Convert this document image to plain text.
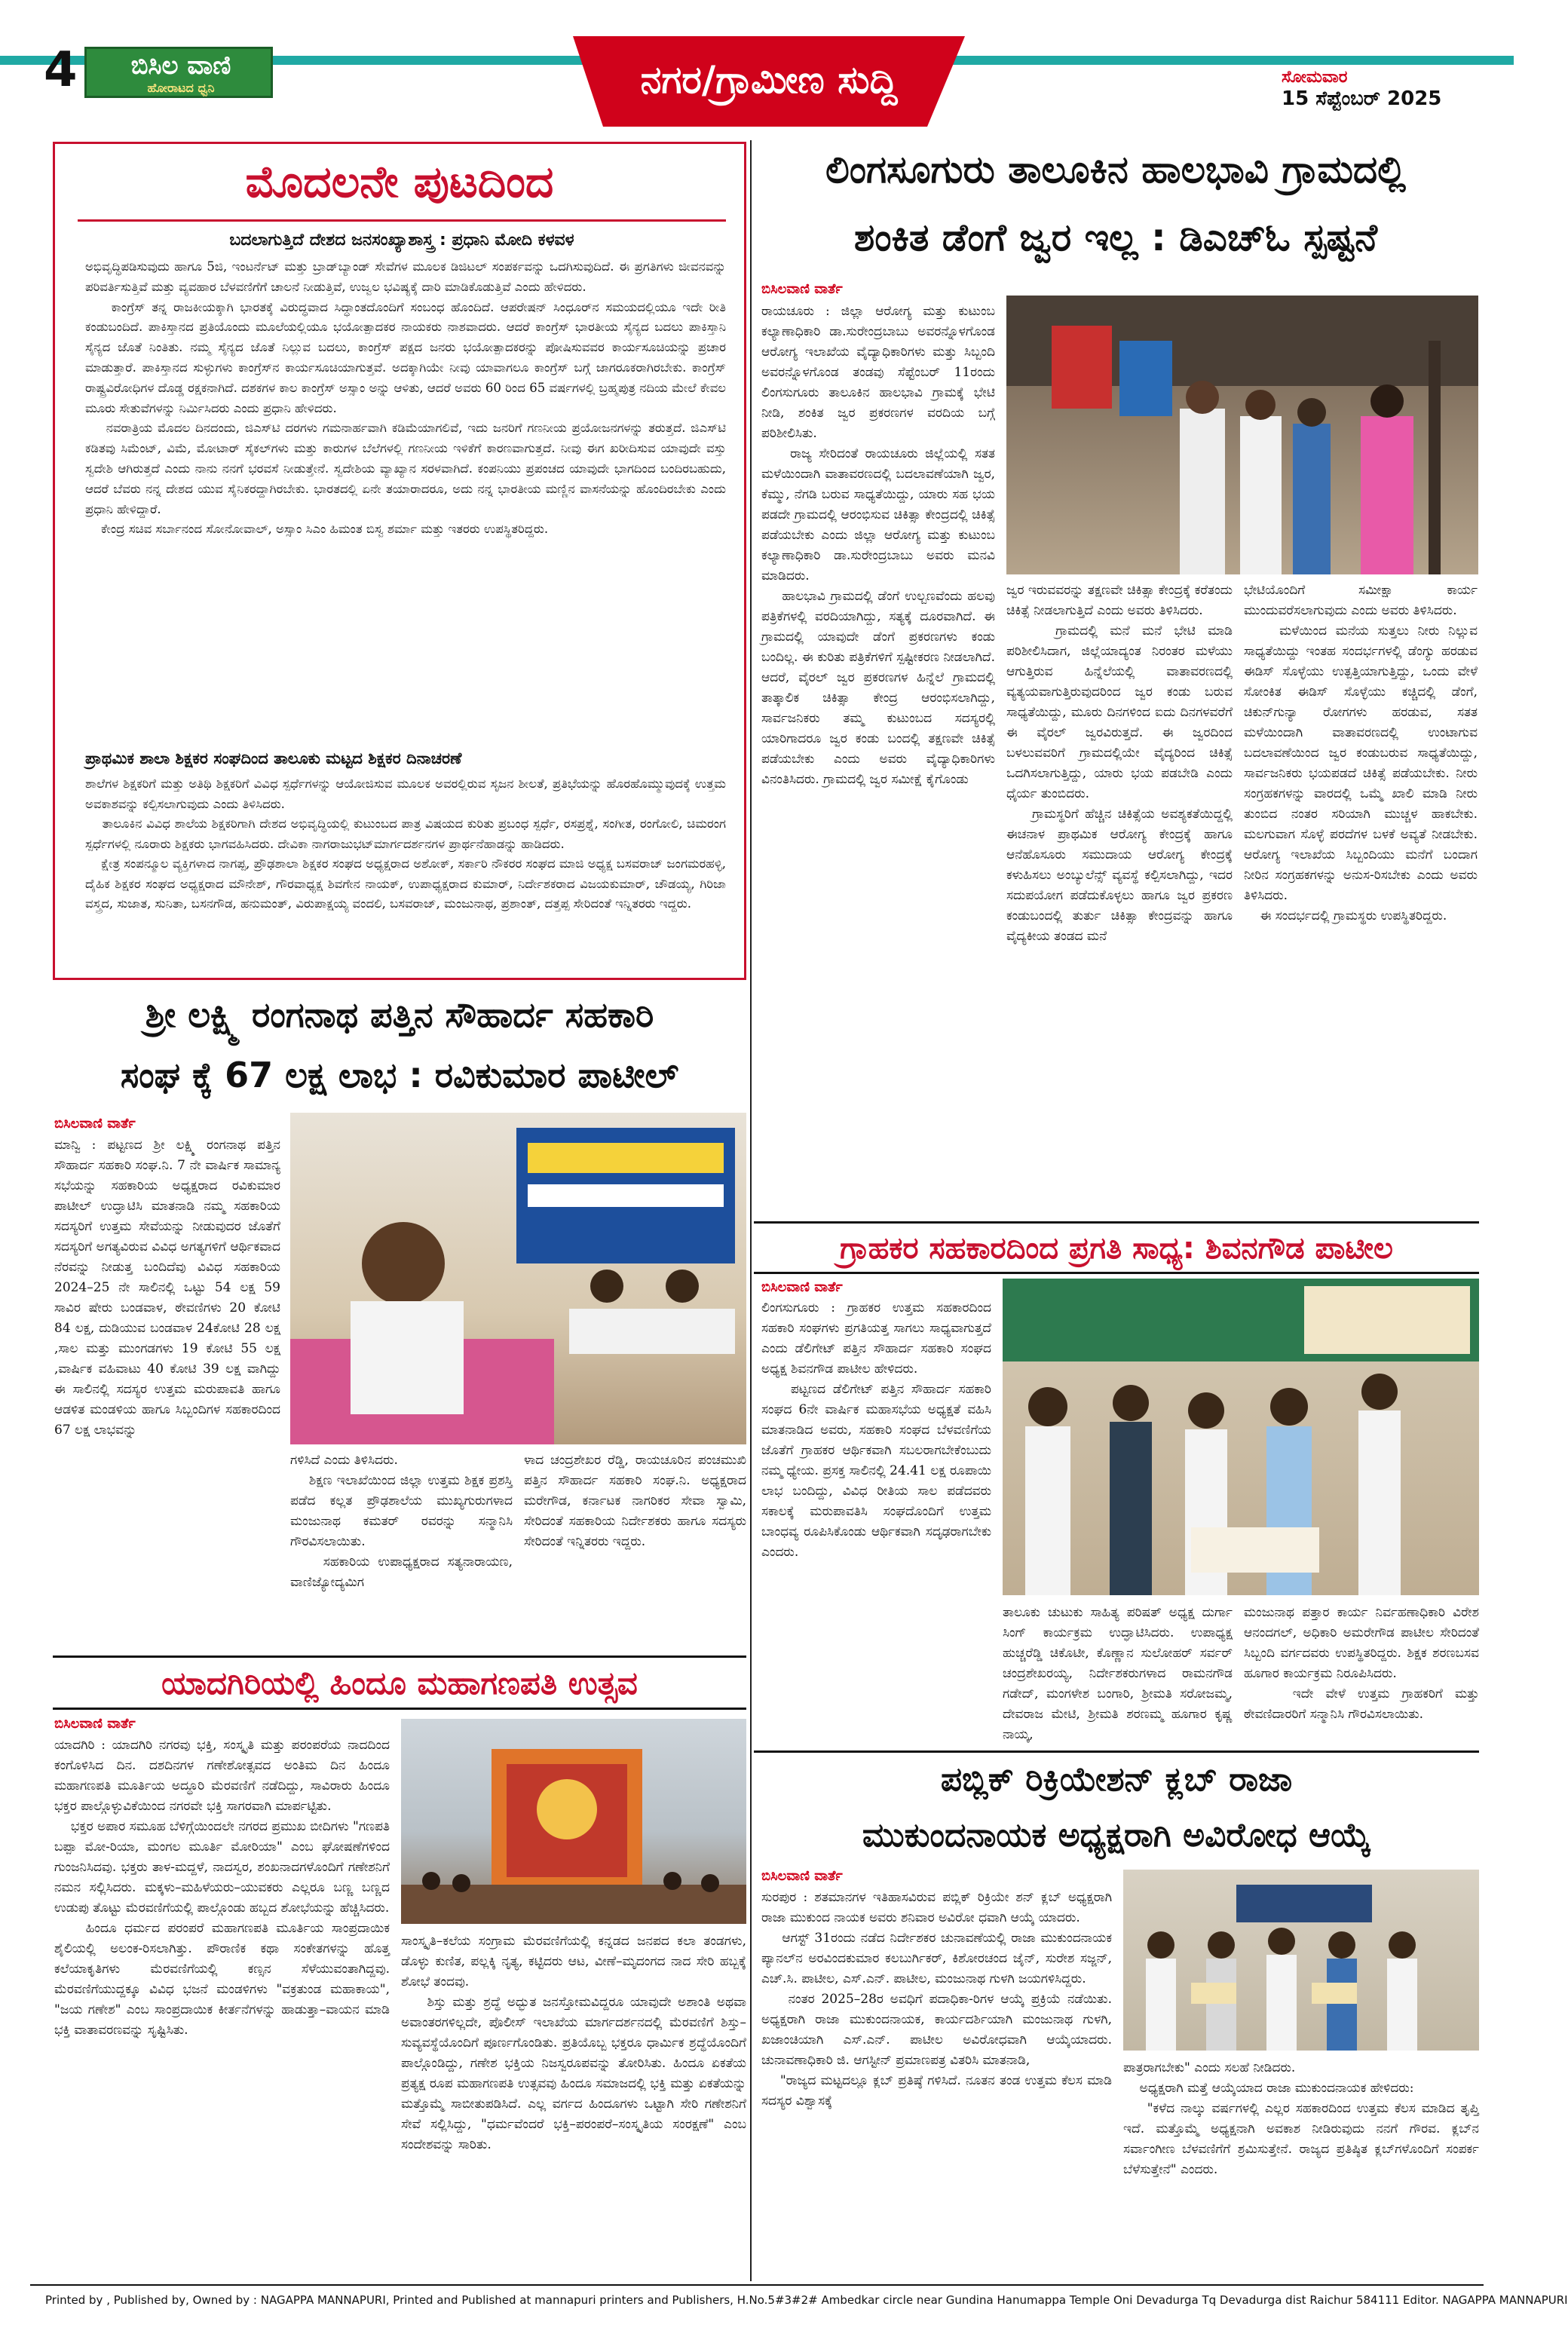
4	ಬಿಸಿಲ ವಾಣಿ
ಹೋರಾಟದ ಧ್ವನಿ	ನಗರ/ಗ್ರಾಮೀಣ ಸುದ್ದಿ	ಸೋಮವಾರ
15 ಸೆಪ್ಟೆಂಬರ್ 2025
ಮೊದಲನೇ ಪುಟದಿಂದ
ಬದಲಾಗುತ್ತಿದೆ ದೇಶದ ಜನಸಂಖ್ಯಾಶಾಸ್ತ್ರ : ಪ್ರಧಾನಿ ಮೋದಿ ಕಳವಳ
ಅಭಿವೃದ್ಧಿಪಡಿಸುವುದು ಹಾಗೂ 5ಜಿ, ಇಂಟರ್ನೆಟ್ ಮತ್ತು ಬ್ರಾಡ್‌ಬ್ಯಾಂಡ್ ಸೇವೆಗಳ ಮೂಲಕ ಡಿಜಿಟಲ್ ಸಂಪರ್ಕವನ್ನು ಒದಗಿಸುವುದಿದೆ. ಈ ಪ್ರಗತಿಗಳು ಜೀವನವನ್ನು ಪರಿವರ್ತಿಸುತ್ತಿವೆ ಮತ್ತು ವ್ಯವಹಾರ ಬೆಳವಣಿಗೆಗೆ ಚಾಲನೆ ನೀಡುತ್ತಿವೆ, ಉಜ್ವಲ ಭವಿಷ್ಯಕ್ಕೆ ದಾರಿ ಮಾಡಿಕೊಡುತ್ತಿವೆ ಎಂದು ಹೇಳಿದರು.
ಕಾಂಗ್ರೆಸ್ ತನ್ನ ರಾಜಕೀಯಕ್ಕಾಗಿ ಭಾರತಕ್ಕೆ ವಿರುದ್ಧವಾದ ಸಿದ್ಧಾಂತದೊಂದಿಗೆ ಸಂಬಂಧ ಹೊಂದಿದೆ. ಆಪರೇಷನ್ ಸಿಂಧೂರ್‌ನ ಸಮಯದಲ್ಲಿಯೂ ಇದೇ ರೀತಿ ಕಂಡುಬಂದಿದೆ. ಪಾಕಿಸ್ತಾನದ ಪ್ರತಿಯೊಂದು ಮೂಲೆಯಲ್ಲಿಯೂ ಭಯೋತ್ಪಾದಕರ ನಾಯಕರು ನಾಶವಾದರು. ಆದರೆ ಕಾಂಗ್ರೆಸ್ ಭಾರತೀಯ ಸೈನ್ಯದ ಬದಲು ಪಾಕಿಸ್ತಾನಿ ಸೈನ್ಯದ ಜೊತೆ ನಿಂತಿತು. ನಮ್ಮ ಸೈನ್ಯದ ಜೊತೆ ನಿಲ್ಲುವ ಬದಲು, ಕಾಂಗ್ರೆಸ್ ಪಕ್ಷದ ಜನರು ಭಯೋತ್ಪಾದಕರನ್ನು ಪೋಷಿಸುವವರ ಕಾರ್ಯಸೂಚಿಯನ್ನು ಪ್ರಚಾರ ಮಾಡುತ್ತಾರೆ. ಪಾಕಿಸ್ತಾನದ ಸುಳ್ಳುಗಳು ಕಾಂಗ್ರೆಸ್‌ನ ಕಾರ್ಯಸೂಚಿಯಾಗುತ್ತವೆ. ಅದಕ್ಕಾಗಿಯೇ ನೀವು ಯಾವಾಗಲೂ ಕಾಂಗ್ರೆಸ್ ಬಗ್ಗೆ ಜಾಗರೂಕರಾಗಿರಬೇಕು. ಕಾಂಗ್ರೆಸ್ ರಾಷ್ಟ್ರವಿರೋಧಿಗಳ ದೊಡ್ಡ ರಕ್ಷಕನಾಗಿದೆ. ದಶಕಗಳ ಕಾಲ ಕಾಂಗ್ರೆಸ್ ಅಸ್ಸಾಂ ಅನ್ನು ಆಳಿತು, ಆದರೆ ಅವರು 60 ರಿಂದ 65 ವರ್ಷಗಳಲ್ಲಿ ಬ್ರಹ್ಮಪುತ್ರ ನದಿಯ ಮೇಲೆ ಕೇವಲ ಮೂರು ಸೇತುವೆಗಳನ್ನು ನಿರ್ಮಿಸಿದರು ಎಂದು ಪ್ರಧಾನಿ ಹೇಳಿದರು.
ನವರಾತ್ರಿಯ ಮೊದಲ ದಿನದಂದು, ಜಿಎಸ್‌ಟಿ ದರಗಳು ಗಮನಾರ್ಹವಾಗಿ ಕಡಿಮೆಯಾಗಲಿವೆ, ಇದು ಜನರಿಗೆ ಗಣನೀಯ ಪ್ರಯೋಜನಗಳನ್ನು ತರುತ್ತದೆ. ಜಿಎಸ್‌ಟಿ ಕಡಿತವು ಸಿಮೆಂಟ್, ವಿಮೆ, ಮೋಟಾರ್ ಸೈಕಲ್‌ಗಳು ಮತ್ತು ಕಾರುಗಳ ಬೆಲೆಗಳಲ್ಲಿ ಗಣನೀಯ ಇಳಿಕೆಗೆ ಕಾರಣವಾಗುತ್ತದೆ. ನೀವು ಈಗ ಖರೀದಿಸುವ ಯಾವುದೇ ವಸ್ತು ಸ್ವದೇಶಿ ಆಗಿರುತ್ತದೆ ಎಂದು ನಾನು ನನಗೆ ಭರವಸೆ ನೀಡುತ್ತೇನೆ. ಸ್ವದೇಶಿಯ ವ್ಯಾಖ್ಯಾನ ಸರಳವಾಗಿದೆ. ಕಂಪನಿಯು ಪ್ರಪಂಚದ ಯಾವುದೇ ಭಾಗದಿಂದ ಬಂದಿರಬಹುದು, ಆದರೆ ಬೆವರು ನನ್ನ ದೇಶದ ಯುವ ಸೈನಿಕರದ್ದಾಗಿರಬೇಕು. ಭಾರತದಲ್ಲಿ ಏನೇ ತಯಾರಾದರೂ, ಅದು ನನ್ನ ಭಾರತೀಯ ಮಣ್ಣಿನ ವಾಸನೆಯನ್ನು ಹೊಂದಿರಬೇಕು ಎಂದು ಪ್ರಧಾನಿ ಹೇಳಿದ್ದಾರೆ.
ಕೇಂದ್ರ ಸಚಿವ ಸರ್ಬಾನಂದ ಸೋನೋವಾಲ್, ಅಸ್ಸಾಂ ಸಿಎಂ ಹಿಮಂತ ಬಿಸ್ವ ಶರ್ಮಾ ಮತ್ತು ಇತರರು ಉಪಸ್ಥಿತರಿದ್ದರು.
ಪ್ರಾಥಮಿಕ ಶಾಲಾ ಶಿಕ್ಷಕರ ಸಂಘದಿಂದ ತಾಲೂಕು ಮಟ್ಟದ ಶಿಕ್ಷಕರ ದಿನಾಚರಣೆ
ಶಾಲೆಗಳ ಶಿಕ್ಷಕರಿಗೆ ಮತ್ತು ಅತಿಥಿ ಶಿಕ್ಷಕರಿಗೆ ವಿವಿಧ ಸ್ಪರ್ಧೆಗಳನ್ನು ಆಯೋಜಿಸುವ ಮೂಲಕ ಅವರಲ್ಲಿರುವ ಸೃಜನ ಶೀಲತೆ, ಪ್ರತಿಭೆಯನ್ನು ಹೊರಹೊಮ್ಮುವುದಕ್ಕೆ ಉತ್ತಮ ಅವಕಾಶವನ್ನು ಕಲ್ಪಿಸಲಾಗುವುದು ಎಂದು ತಿಳಿಸಿದರು.
ತಾಲೂಕಿನ ವಿವಿಧ ಶಾಲೆಯ ಶಿಕ್ಷಕರಿಗಾಗಿ ದೇಶದ ಅಭಿವೃದ್ಧಿಯಲ್ಲಿ ಕುಟುಂಬದ ಪಾತ್ರ ವಿಷಯದ ಕುರಿತು ಪ್ರಬಂಧ ಸ್ಪರ್ಧೆ, ರಸಪ್ರಶ್ನೆ, ಸಂಗೀತ, ರಂಗೋಲಿ, ಚಿಮರಂಗ ಸ್ಪರ್ಧೆಗಳಲ್ಲಿ ನೂರಾರು ಶಿಕ್ಷಕರು ಭಾಗವಹಿಸಿದರು. ದೇವಿಕಾ ನಾಗರಾಜುಭಟ್‌ಮಾರ್ಗದರ್ಶನಗಳ ಪ್ರಾರ್ಥನೆಹಾಡನ್ನು ಹಾಡಿದರು.
ಕ್ಷೇತ್ರ ಸಂಪನ್ಮೂಲ ವ್ಯಕ್ತಿಗಳಾದ ನಾಗಪ್ಪ, ಪ್ರೌಢಶಾಲಾ ಶಿಕ್ಷಕರ ಸಂಘದ ಅಧ್ಯಕ್ಷರಾದ ಅಶೋಕ್, ಸರ್ಕಾರಿ ನೌಕರರ ಸಂಘದ ಮಾಜಿ ಅಧ್ಯಕ್ಷ ಬಸವರಾಜ್ ಜಂಗಮರಹಳ್ಳಿ, ದೈಹಿಕ ಶಿಕ್ಷಕರ ಸಂಘದ ಅಧ್ಯಕ್ಷರಾದ ಮೌನೇಶ್, ಗೌರವಾಧ್ಯಕ್ಷ ಶಿವಗೇನ ನಾಯಕ್, ಉಪಾಧ್ಯಕ್ಷರಾದ ಕುಮಾರ್, ನಿರ್ದೇಶಕರಾದ ವಿಜಯಕುಮಾರ್, ಚೌಡಯ್ಯ, ಗಿರಿಜಾ ವಸ್ತ್ರದ, ಸುಜಾತ, ಸುನಿತಾ, ಬಸನಗೌಡ, ಹನುಮಂತ್, ವಿರುಪಾಕ್ಷಯ್ಯ ವಂದಲಿ, ಬಸವರಾಜ್, ಮಂಜುನಾಥ, ಪ್ರಶಾಂತ್, ದತ್ತಪ್ಪ ಸೇರಿದಂತೆ ಇನ್ನಿತರರು ಇದ್ದರು.
ಲಿಂಗಸೂಗುರು ತಾಲೂಕಿನ ಹಾಲಭಾವಿ ಗ್ರಾಮದಲ್ಲಿ
ಶಂಕಿತ ಡೆಂಗೆ ಜ್ವರ ಇಲ್ಲ : ಡಿಎಚ್‌ಓ ಸ್ಪಷ್ಟನೆ
ಬಿಸಿಲವಾಣಿ ವಾರ್ತೆ
ರಾಯಚೂರು : ಜಿಲ್ಲಾ ಆರೋಗ್ಯ ಮತ್ತು ಕುಟುಂಬ ಕಲ್ಯಾಣಾಧಿಕಾರಿ ಡಾ.ಸುರೇಂದ್ರಬಾಬು ಅವರನ್ನೊಳಗೊಂಡ ಆರೋಗ್ಯ ಇಲಾಖೆಯ ವೈದ್ಯಾಧಿಕಾರಿಗಳು ಮತ್ತು ಸಿಬ್ಬಂದಿ ಅವರನ್ನೊಳಗೊಂಡ ತಂಡವು ಸೆಪ್ಟೆಂಬರ್ 11ರಂದು ಲಿಂಗಸುಗೂರು ತಾಲೂಕಿನ ಹಾಲಭಾವಿ ಗ್ರಾಮಕ್ಕೆ ಭೇಟಿ ನೀಡಿ, ಶಂಕಿತ ಜ್ವರ ಪ್ರಕರಣಗಳ ವರದಿಯ ಬಗ್ಗೆ ಪರಿಶೀಲಿಸಿತು.
ರಾಜ್ಯ ಸೇರಿದಂತೆ ರಾಯಚೂರು ಜಿಲ್ಲೆಯಲ್ಲಿ ಸತತ ಮಳೆಯಿಂದಾಗಿ ವಾತಾವರಣದಲ್ಲಿ ಬದಲಾವಣೆಯಾಗಿ ಜ್ವರ, ಕೆಮ್ಮು, ನೆಗಡಿ ಬರುವ ಸಾಧ್ಯತೆಯಿದ್ದು, ಯಾರು ಸಹ ಭಯ ಪಡದೇ ಗ್ರಾಮದಲ್ಲಿ ಆರಂಭಿಸುವ ಚಿಕಿತ್ಸಾ ಕೇಂದ್ರದಲ್ಲಿ ಚಿಕಿತ್ಸೆ ಪಡೆಯಬೇಕು ಎಂದು ಜಿಲ್ಲಾ ಆರೋಗ್ಯ ಮತ್ತು ಕುಟುಂಬ ಕಲ್ಯಾಣಾಧಿಕಾರಿ ಡಾ.ಸುರೇಂದ್ರಬಾಬು ಅವರು ಮನವಿ ಮಾಡಿದರು.
ಹಾಲಭಾವಿ ಗ್ರಾಮದಲ್ಲಿ ಡೆಂಗೆ ಉಲ್ಬಣವೆಂದು ಹಲವು ಪತ್ರಿಕೆಗಳಲ್ಲಿ ವರದಿಯಾಗಿದ್ದು, ಸತ್ಯಕ್ಕೆ ದೂರವಾಗಿದೆ. ಈ ಗ್ರಾಮದಲ್ಲಿ ಯಾವುದೇ ಡೆಂಗೆ ಪ್ರಕರಣಗಳು ಕಂಡು ಬಂದಿಲ್ಲ. ಈ ಕುರಿತು ಪತ್ರಿಕೆಗಳಿಗೆ ಸ್ಪಷ್ಟೀಕರಣ ನೀಡಲಾಗಿದೆ. ಆದರೆ, ವೈರಲ್ ಜ್ವರ ಪ್ರಕರಣಗಳ ಹಿನ್ನೆಲೆ ಗ್ರಾಮದಲ್ಲಿ ತಾತ್ಕಾಲಿಕ ಚಿಕಿತ್ಸಾ ಕೇಂದ್ರ ಆರಂಭಿಸಲಾಗಿದ್ದು, ಸಾರ್ವಜನಿಕರು ತಮ್ಮ ಕುಟುಂಬದ ಸದಸ್ಯರಲ್ಲಿ ಯಾರಿಗಾದರೂ ಜ್ವರ ಕಂಡು ಬಂದಲ್ಲಿ ತಕ್ಷಣವೇ ಚಿಕಿತ್ಸೆ ಪಡೆಯಬೇಕು ಎಂದು ಅವರು ವೈದ್ಯಾಧಿಕಾರಿಗಳು ವಿನಂತಿಸಿದರು. ಗ್ರಾಮದಲ್ಲಿ ಜ್ವರ ಸಮೀಕ್ಷೆ ಕೈಗೊಂಡು
ಜ್ವರ ಇರುವವರನ್ನು ತಕ್ಷಣವೇ ಚಿಕಿತ್ಸಾ ಕೇಂದ್ರಕ್ಕೆ ಕರೆತಂದು ಚಿಕಿತ್ಸೆ ನೀಡಲಾಗುತ್ತಿದೆ ಎಂದು ಅವರು ತಿಳಿಸಿದರು.
ಗ್ರಾಮದಲ್ಲಿ ಮನೆ ಮನೆ ಭೇಟಿ ಮಾಡಿ ಪರಿಶೀಲಿಸಿದಾಗ, ಜಿಲ್ಲೆಯಾದ್ಯಂತ ನಿರಂತರ ಮಳೆಯು ಆಗುತ್ತಿರುವ ಹಿನ್ನೆಲೆಯಲ್ಲಿ ವಾತಾವರಣದಲ್ಲಿ ವ್ಯತ್ಯಯವಾಗುತ್ತಿರುವುದರಿಂದ ಜ್ವರ ಕಂಡು ಬರುವ ಸಾಧ್ಯತೆಯಿದ್ದು, ಮೂರು ದಿನಗಳಿಂದ ಐದು ದಿನಗಳವರೆಗೆ ಈ ವೈರಲ್ ಜ್ವರವಿರುತ್ತದೆ. ಈ ಜ್ವರದಿಂದ ಬಳಲುವವರಿಗೆ ಗ್ರಾಮದಲ್ಲಿಯೇ ವೈದ್ಯರಿಂದ ಚಿಕಿತ್ಸೆ ಒದಗಿಸಲಾಗುತ್ತಿದ್ದು, ಯಾರು ಭಯ ಪಡಬೇಡಿ ಎಂದು ಧೈರ್ಯ ತುಂಬಿದರು.
ಗ್ರಾಮಸ್ಥರಿಗೆ ಹೆಚ್ಚಿನ ಚಿಕಿತ್ಸೆಯ ಅವಶ್ಯಕತೆಯಿದ್ದಲ್ಲಿ ಈಚನಾಳ ಪ್ರಾಥಮಿಕ ಆರೋಗ್ಯ ಕೇಂದ್ರಕ್ಕೆ ಹಾಗೂ ಆನೆಹೊಸೂರು ಸಮುದಾಯ ಆರೋಗ್ಯ ಕೇಂದ್ರಕ್ಕೆ ಕಳುಹಿಸಲು ಅಂಬ್ಯುಲೆನ್ಸ್ ವ್ಯವಸ್ಥೆ ಕಲ್ಪಿಸಲಾಗಿದ್ದು, ಇದರ ಸದುಪಯೋಗ ಪಡೆದುಕೊಳ್ಳಲು ಹಾಗೂ ಜ್ವರ ಪ್ರಕರಣ ಕಂಡುಬಂದಲ್ಲಿ ತುರ್ತು ಚಿಕಿತ್ಸಾ ಕೇಂದ್ರವನ್ನು ಹಾಗೂ ವೈದ್ಯಕೀಯ ತಂಡದ ಮನೆ
ಭೇಟಿಯೊಂದಿಗೆ ಸಮೀಕ್ಷಾ ಕಾರ್ಯ ಮುಂದುವರೆಸಲಾಗುವುದು ಎಂದು ಅವರು ತಿಳಿಸಿದರು.
ಮಳೆಯಿಂದ ಮನೆಯ ಸುತ್ತಲು ನೀರು ನಿಲ್ಲುವ ಸಾಧ್ಯತೆಯಿದ್ದು ಇಂತಹ ಸಂದರ್ಭಗಳಲ್ಲಿ ಡೆಂಗ್ಯು ಹರಡುವ ಈಡಿಸ್ ಸೊಳ್ಳೆಯು ಉತ್ಪತ್ತಿಯಾಗುತ್ತಿದ್ದು, ಒಂದು ವೇಳೆ ಸೋಂಕಿತ ಈಡಿಸ್ ಸೊಳ್ಳೆಯು ಕಚ್ಚಿದಲ್ಲಿ ಡೆಂಗೆ, ಚಿಕುನ್‌ಗುನ್ಯಾ ರೋಗಗಳು ಹರಡುವ, ಸತತ ಮಳೆಯಿಂದಾಗಿ ವಾತಾವರಣದಲ್ಲಿ ಉಂಟಾಗುವ ಬದಲಾವಣೆಯಿಂದ ಜ್ವರ ಕಂಡುಬರುವ ಸಾಧ್ಯತೆಯಿದ್ದು, ಸಾರ್ವಜನಿಕರು ಭಯಪಡದೆ ಚಿಕಿತ್ಸೆ ಪಡೆಯಬೇಕು. ನೀರು ಸಂಗ್ರಹಕಗಳನ್ನು ವಾರದಲ್ಲಿ ಒಮ್ಮೆ ಖಾಲಿ ಮಾಡಿ ನೀರು ತುಂಬಿದ ನಂತರ ಸರಿಯಾಗಿ ಮುಚ್ಚಳ ಹಾಕಬೇಕು. ಮಲಗುವಾಗ ಸೊಳ್ಳೆ ಪರದೆಗಳ ಬಳಕೆ ಅವ್ಯತೆ ನೀಡಬೇಕು. ಆರೋಗ್ಯ ಇಲಾಖೆಯ ಸಿಬ್ಬಂದಿಯು ಮನೆಗೆ ಬಂದಾಗ ನೀರಿನ ಸಂಗ್ರಹಕಗಳನ್ನು ಅನುಸ-ರಿಸಬೇಕು ಎಂದು ಅವರು ತಿಳಿಸಿದರು.
ಈ ಸಂದರ್ಭದಲ್ಲಿ ಗ್ರಾಮಸ್ಥರು ಉಪಸ್ಥಿತರಿದ್ದರು.
ಶ್ರೀ ಲಕ್ಷ್ಮಿ ರಂಗನಾಥ ಪತ್ತಿನ ಸೌಹಾರ್ದ ಸಹಕಾರಿ
ಸಂಘ ಕ್ಕೆ 67 ಲಕ್ಷ ಲಾಭ : ರವಿಕುಮಾರ ಪಾಟೀಲ್
ಬಿಸಿಲವಾಣಿ ವಾರ್ತೆ
ಮಾನ್ವಿ : ಪಟ್ಟಣದ ಶ್ರೀ ಲಕ್ಷ್ಮಿ ರಂಗನಾಥ ಪತ್ತಿನ ಸೌಹಾರ್ದ ಸಹಕಾರಿ ಸಂಘ.ನಿ. 7 ನೇ ವಾರ್ಷಿಕ ಸಾಮಾನ್ಯ ಸಭೆಯನ್ನು ಸಹಕಾರಿಯ ಅಧ್ಯಕ್ಷರಾದ ರವಿಕುಮಾರ ಪಾಟೀಲ್ ಉದ್ಘಾಟಿಸಿ ಮಾತನಾಡಿ ನಮ್ಮ ಸಹಕಾರಿಯ ಸದಸ್ಯರಿಗೆ ಉತ್ತಮ ಸೇವೆಯನ್ನು ನೀಡುವುದರ ಜೊತೆಗೆ ಸದಸ್ಯರಿಗೆ ಅಗತ್ಯವಿರುವ ವಿವಿಧ ಅಗತ್ಯಗಳಿಗೆ ಆರ್ಥಿಕವಾದ ನೆರವನ್ನು ನೀಡುತ್ತ ಬಂದಿದೆವು ವಿವಿಧ ಸಹಕಾರಿಯ 2024–25 ನೇ ಸಾಲಿನಲ್ಲಿ ಒಟ್ಟು 54 ಲಕ್ಷ 59 ಸಾವಿರ ಷೇರು ಬಂಡವಾಳ, ಠೇವಣಿಗಳು 20 ಕೋಟಿ 84 ಲಕ್ಷ, ದುಡಿಯುವ ಬಂಡವಾಳ 24ಕೋಟಿ 28 ಲಕ್ಷ ,ಸಾಲ ಮತ್ತು ಮುಂಗಡಗಳು 19 ಕೋಟಿ 55 ಲಕ್ಷ ,ವಾರ್ಷಿಕ ವಹಿವಾಟು 40 ಕೋಟಿ 39 ಲಕ್ಷ ವಾಗಿದ್ದು ಈ ಸಾಲಿನಲ್ಲಿ ಸದಸ್ಯರ ಉತ್ತಮ ಮರುಪಾವತಿ ಹಾಗೂ ಆಡಳಿತ ಮಂಡಳಿಯ ಹಾಗೂ ಸಿಬ್ಬಂದಿಗಳ ಸಹಕಾರದಿಂದ 67 ಲಕ್ಷ ಲಾಭವನ್ನು
ಗಳಿಸಿದೆ ಎಂದು ತಿಳಿಸಿದರು.
ಶಿಕ್ಷಣ ಇಲಾಖೆಯಿಂದ ಜಿಲ್ಲಾ ಉತ್ತಮ ಶಿಕ್ಷಕ ಪ್ರಶಸ್ತಿ ಪಡೆದ ಕಲ್ಲತ ಪ್ರೌಢಶಾಲೆಯ ಮುಖ್ಯಗುರುಗಳಾದ ಮಂಜುನಾಥ ಕಮತರ್ ರವರನ್ನು ಸನ್ಮಾನಿಸಿ ಗೌರವಿಸಲಾಯಿತು.
ಸಹಕಾರಿಯ ಉಪಾಧ್ಯಕ್ಷರಾದ ಸತ್ಯನಾರಾಯಣ, ವಾಣಿಜ್ಯೋದ್ಯಮಿಗ
ಳಾದ ಚಂದ್ರಶೇಖರ ರೆಡ್ಡಿ, ರಾಯಚೂರಿನ ಪಂಚಮುಖಿ ಪತ್ತಿನ ಸೌಹಾರ್ದ ಸಹಕಾರಿ ಸಂಘ.ನಿ. ಅಧ್ಯಕ್ಷರಾದ ಮರೇಗೌಡ, ಕರ್ನಾಟಕ ನಾಗರಿಕರ ಸೇವಾ ಸ್ವಾಮಿ, ಸೇರಿದಂತೆ ಸಹಕಾರಿಯ ನಿರ್ದೇಶಕರು ಹಾಗೂ ಸದಸ್ಯರು ಸೇರಿದಂತೆ ಇನ್ನಿತರರು ಇದ್ದರು.
ಗ್ರಾಹಕರ ಸಹಕಾರದಿಂದ ಪ್ರಗತಿ ಸಾಧ್ಯ: ಶಿವನಗೌಡ ಪಾಟೀಲ
ಬಿಸಿಲವಾಣಿ ವಾರ್ತೆ
ಲಿಂಗಸುಗೂರು : ಗ್ರಾಹಕರ ಉತ್ತಮ ಸಹಕಾರದಿಂದ ಸಹಕಾರಿ ಸಂಘಗಳು ಪ್ರಗತಿಯತ್ತ ಸಾಗಲು ಸಾಧ್ಯವಾಗುತ್ತದೆ ಎಂದು ಡೆಲಿಗೇಟ್ ಪತ್ತಿನ ಸೌಹಾರ್ದ ಸಹಕಾರಿ ಸಂಘದ ಅಧ್ಯಕ್ಷ ಶಿವನಗೌಡ ಪಾಟೀಲ ಹೇಳಿದರು.
ಪಟ್ಟಣದ ಡೆಲಿಗೇಟ್ ಪತ್ತಿನ ಸೌಹಾರ್ದ ಸಹಕಾರಿ ಸಂಘದ 6ನೇ ವಾರ್ಷಿಕ ಮಹಾಸಭೆಯ ಅಧ್ಯಕ್ಷತೆ ವಹಿಸಿ ಮಾತನಾಡಿದ ಅವರು, ಸಹಕಾರಿ ಸಂಘದ ಬೆಳವಣಿಗೆಯ ಜೊತೆಗೆ ಗ್ರಾಹಕರ ಆರ್ಥಿಕವಾಗಿ ಸಬಲರಾಗಬೇಕೆಂಬುದು ನಮ್ಮ ಧ್ಯೇಯ. ಪ್ರಸಕ್ತ ಸಾಲಿನಲ್ಲಿ 24.41 ಲಕ್ಷ ರೂಪಾಯಿ ಲಾಭ ಬಂದಿದ್ದು, ವಿವಿಧ ರೀತಿಯ ಸಾಲ ಪಡೆದವರು ಸಕಾಲಕ್ಕೆ ಮರುಪಾವತಿಸಿ ಸಂಘದೊಂದಿಗೆ ಉತ್ತಮ ಬಾಂಧವ್ಯ ರೂಪಿಸಿಕೊಂಡು ಆರ್ಥಿಕವಾಗಿ ಸದೃಢರಾಗಬೇಕು ಎಂದರು.
ತಾಲೂಕು ಚುಟುಕು ಸಾಹಿತ್ಯ ಪರಿಷತ್ ಅಧ್ಯಕ್ಷ ದುರ್ಗಾ ಸಿಂಗ್ ಕಾರ್ಯಕ್ರಮ ಉದ್ಘಾಟಿಸಿದರು. ಉಪಾಧ್ಯಕ್ಷ ಹುಚ್ಚರೆಡ್ಡಿ ಚಿಕೊಟೀ, ಕೊಣ್ಣಾನ ಸುಲೋಹರ್ ಸರ್ವರ್ ಚಂದ್ರಶೇಖರಯ್ಯ, ನಿರ್ದೇಶಕರುಗಳಾದ ರಾಮನಗೌಡ ಗಡೇದ್, ಮಂಗಳೇಶ ಬಂಗಾರಿ, ಶ್ರೀಮತಿ ಸರೋಜಮ್ಮ, ದೇವರಾಜ ಮೇಟಿ, ಶ್ರೀಮತಿ ಶರಣಮ್ಮ ಹೂಗಾರ ಕೃಷ್ಣ ನಾಯ್ಕ,
ಮಂಜುನಾಥ ಪತ್ತಾರ ಕಾರ್ಯ ನಿರ್ವಹಣಾಧಿಕಾರಿ ವಿರೇಶ ಆನಂದಗಲ್, ಅಧಿಕಾರಿ ಅಮರೇಗೌಡ ಪಾಟೀಲ ಸೇರಿದಂತೆ ಸಿಬ್ಬಂದಿ ವರ್ಗದವರು ಉಪಸ್ಥಿತರಿದ್ದರು. ಶಿಕ್ಷಕ ಶರಣಬಸವ ಹೂಗಾರ ಕಾರ್ಯಕ್ರಮ ನಿರೂಪಿಸಿದರು.
ಇದೇ ವೇಳೆ ಉತ್ತಮ ಗ್ರಾಹಕರಿಗೆ ಮತ್ತು ಠೇವಣಿದಾರರಿಗೆ ಸನ್ಮಾನಿಸಿ ಗೌರವಿಸಲಾಯಿತು.
ಯಾದಗಿರಿಯಲ್ಲಿ ಹಿಂದೂ ಮಹಾಗಣಪತಿ ಉತ್ಸವ
ಬಿಸಿಲವಾಣಿ ವಾರ್ತೆ
ಯಾದಗಿರಿ : ಯಾದಗಿರಿ ನಗರವು ಭಕ್ತಿ, ಸಂಸ್ಕೃತಿ ಮತ್ತು ಪರಂಪರೆಯ ನಾದದಿಂದ ಕಂಗೊಳಿಸಿದ ದಿನ. ದಶದಿನಗಳ ಗಣೇಶೋತ್ಸವದ ಅಂತಿಮ ದಿನ ಹಿಂದೂ ಮಹಾಗಣಪತಿ ಮೂರ್ತಿಯ ಅದ್ಧೂರಿ ಮೆರವಣಿಗೆ ನಡೆದಿದ್ದು, ಸಾವಿರಾರು ಹಿಂದೂ ಭಕ್ತರ ಪಾಲ್ಗೊಳ್ಳುವಿಕೆಯಿಂದ ನಗರವೇ ಭಕ್ತಿ ಸಾಗರವಾಗಿ ಮಾರ್ಪಟ್ಟಿತು.
ಭಕ್ತರ ಅಪಾರ ಸಮೂಹ ಬೆಳಿಗ್ಗೆಯಿಂದಲೇ ನಗರದ ಪ್ರಮುಖ ಬೀದಿಗಳು "ಗಣಪತಿ ಬಪ್ಪಾ ಮೋ-ರಿಯಾ, ಮಂಗಲ ಮೂರ್ತಿ ಮೋರಿಯಾ" ಎಂಬ ಘೋಷಣೆಗಳಿಂದ ಗುಂಜನಿಸಿದವು. ಭಕ್ತರು ತಾಳ-ಮದ್ದಳೆ, ನಾದಸ್ವರ, ಶಂಖನಾದಗಳೊಂದಿಗೆ ಗಣೇಶನಿಗೆ ನಮನ ಸಲ್ಲಿಸಿದರು. ಮಕ್ಕಳು–ಮಹಿಳೆಯರು–ಯುವಕರು ಎಲ್ಲರೂ ಬಣ್ಣ ಬಣ್ಣದ ಉಡುಪು ತೊಟ್ಟು ಮೆರವಣಿಗೆಯಲ್ಲಿ ಪಾಲ್ಗೊಂಡು ಹಬ್ಬದ ಶೋಭೆಯನ್ನು ಹೆಚ್ಚಿಸಿದರು.
ಹಿಂದೂ ಧರ್ಮದ ಪರಂಪರೆ ಮಹಾಗಣಪತಿ ಮೂರ್ತಿಯ ಸಾಂಪ್ರದಾಯಿಕ ಶೈಲಿಯಲ್ಲಿ ಅಲಂಕ-ರಿಸಲಾಗಿತ್ತು. ಪೌರಾಣಿಕ ಕಥಾ ಸಂಕೇತಗಳನ್ನು ಹೊತ್ತ ಕಲೆಯಾಕೃತಿಗಳು ಮೆರವಣಿಗೆಯಲ್ಲಿ ಕಣ್ಸನ ಸೆಳೆಯುವಂತಾಗಿದ್ದವು. ಮೆರವಣಿಗೆಯುದ್ದಕ್ಕೂ ವಿವಿಧ ಭಜನೆ ಮಂಡಳಿಗಳು "ವಕ್ರತುಂಡ ಮಹಾಕಾಯ", "ಜಯ ಗಣೇಶ" ಎಂಬ ಸಾಂಪ್ರದಾಯಿಕ ಕೀರ್ತನೆಗಳನ್ನು ಹಾಡುತ್ತಾ–ವಾಯನ ಮಾಡಿ ಭಕ್ತಿ ವಾತಾವರಣವನ್ನು ಸೃಷ್ಟಿಸಿತು.
ಸಾಂಸ್ಕೃತಿ–ಕಲೆಯ ಸಂಗ್ರಾಮ ಮೆರವಣಿಗೆಯಲ್ಲಿ ಕನ್ನಡದ ಜನಪದ ಕಲಾ ತಂಡಗಳು, ಡೊಳ್ಳು ಕುಣಿತ, ಪಲ್ಲಕ್ಕಿ ನೃತ್ಯ, ಕಟ್ಟಿದರು ಆಟ, ವೀಣೆ–ಮೃದಂಗದ ನಾದ ಸೇರಿ ಹಬ್ಬಕ್ಕೆ ಶೋಭೆ ತಂದವು.
ಶಿಸ್ತು ಮತ್ತು ಶ್ರದ್ಧೆ ಅದ್ಭುತ ಜನಸ್ತೋಮವಿದ್ದರೂ ಯಾವುದೇ ಅಶಾಂತಿ ಅಥವಾ ಅವಾಂತರಗಳಿಲ್ಲದೇ, ಪೊಲೀಸ್ ಇಲಾಖೆಯ ಮಾರ್ಗದರ್ಶನದಲ್ಲಿ ಮೆರವಣಿಗೆ ಶಿಸ್ತು–ಸುವ್ಯವಸ್ಥೆಯೊಂದಿಗೆ ಪೂರ್ಣಗೊಂಡಿತು. ಪ್ರತಿಯೊಬ್ಬ ಭಕ್ತರೂ ಧಾರ್ಮಿಕ ಶ್ರದ್ಧೆಯೊಂದಿಗೆ ಪಾಲ್ಗೊಂಡಿದ್ದು, ಗಣೇಶ ಭಕ್ತಿಯ ನಿಜಸ್ವರೂಪವನ್ನು ತೋರಿಸಿತು. ಹಿಂದೂ ಏಕತೆಯ ಪ್ರತ್ಯಕ್ಷ ರೂಪ ಮಹಾಗಣಪತಿ ಉತ್ಸವವು ಹಿಂದೂ ಸಮಾಜದಲ್ಲಿ ಭಕ್ತಿ ಮತ್ತು ಏಕತೆಯನ್ನು ಮತ್ತೊಮ್ಮೆ ಸಾಬೀತುಪಡಿಸಿದೆ. ಎಲ್ಲ ವರ್ಗದ ಹಿಂದೂಗಳು ಒಟ್ಟಾಗಿ ಸೇರಿ ಗಣೇಶನಿಗೆ ಸೇವೆ ಸಲ್ಲಿಸಿದ್ದು, "ಧರ್ಮವೆಂದರೆ ಭಕ್ತಿ–ಪರಂಪರೆ–ಸಂಸ್ಕೃತಿಯ ಸಂರಕ್ಷಣೆ" ಎಂಬ ಸಂದೇಶವನ್ನು ಸಾರಿತು.
ಪಬ್ಲಿಕ್ ರಿಕ್ರಿಯೇಶನ್ ಕ್ಲಬ್ ರಾಜಾ
ಮುಕುಂದನಾಯಕ ಅಧ್ಯಕ್ಷರಾಗಿ ಅವಿರೋಧ ಆಯ್ಕೆ
ಬಿಸಿಲವಾಣಿ ವಾರ್ತೆ
ಸುರಪುರ : ಶತಮಾನಗಳ ಇತಿಹಾಸವಿರುವ ಪಬ್ಲಿಕ್ ರಿಕ್ರಿಯೇ ಶನ್ ಕ್ಲಬ್ ಅಧ್ಯಕ್ಷರಾಗಿ ರಾಜಾ ಮುಕುಂದ ನಾಯಕ ಅವರು ಶನಿವಾರ ಅವಿರೋ ಧವಾಗಿ ಆಯ್ಕೆ ಯಾದರು.
ಆಗಸ್ಟ್ 31ರಂದು ನಡೆದ ನಿರ್ದೇಶಕರ ಚುನಾವಣೆಯಲ್ಲಿ ರಾಜಾ ಮುಕುಂದನಾಯಕ ಪ್ಯಾನಲ್‌ನ ಅರವಿಂದಕುಮಾರ ಕಲಬುರ್ಗಿಕರ್, ಕಿಶೋರಚಂದ ಜೈನ್, ಸುರೇಶ ಸಜ್ಜನ್, ಎಚ್.ಸಿ. ಪಾಟೀಲ, ಎಸ್.ಎನ್. ಪಾಟೀಲ, ಮಂಜುನಾಥ ಗುಳಗಿ ಜಯಗಳಿಸಿದ್ದರು.
ನಂತರ 2025–28ರ ಅವಧಿಗೆ ಪದಾಧಿಕಾ-ರಿಗಳ ಆಯ್ಕೆ ಪ್ರಕ್ರಿಯೆ ನಡೆಯಿತು. ಅಧ್ಯಕ್ಷರಾಗಿ ರಾಜಾ ಮುಕುಂದನಾಯಕ, ಕಾರ್ಯದರ್ಶಿಯಾಗಿ ಮಂಜುನಾಥ ಗುಳಗಿ, ಖಜಾಂಚಿಯಾಗಿ ಎಸ್.ಎನ್. ಪಾಟೀಲ ಅವಿರೋಧವಾಗಿ ಆಯ್ಕೆಯಾದರು. ಚುನಾವಣಾಧಿಕಾರಿ ಜಿ. ಆಗಸ್ಟೀನ್ ಪ್ರಮಾಣಪತ್ರ ವಿತರಿಸಿ ಮಾತನಾಡಿ,
"ರಾಜ್ಯದ ಮಟ್ಟದಲ್ಲೂ ಕ್ಲಬ್ ಪ್ರತಿಷ್ಠೆ ಗಳಿಸಿದೆ. ನೂತನ ತಂಡ ಉತ್ತಮ ಕೆಲಸ ಮಾಡಿ ಸದಸ್ಯರ ವಿಶ್ವಾಸಕ್ಕೆ
ಪಾತ್ರರಾಗಬೇಕು" ಎಂದು ಸಲಹೆ ನೀಡಿದರು.
ಅಧ್ಯಕ್ಷರಾಗಿ ಮತ್ತೆ ಆಯ್ಕೆಯಾದ ರಾಜಾ ಮುಕುಂದನಾಯಕ ಹೇಳಿದರು:
"ಕಳೆದ ನಾಲ್ಕು ವರ್ಷಗಳಲ್ಲಿ ಎಲ್ಲರ ಸಹಕಾರದಿಂದ ಉತ್ತಮ ಕೆಲಸ ಮಾಡಿದ ತೃಪ್ತಿ ಇದೆ. ಮತ್ತೊಮ್ಮೆ ಅಧ್ಯಕ್ಷನಾಗಿ ಅವಕಾಶ ನೀಡಿರುವುದು ನನಗೆ ಗೌರವ. ಕ್ಲಬ್‌ನ ಸರ್ವಾಂಗೀಣ ಬೆಳವಣಿಗೆಗೆ ಶ್ರಮಿಸುತ್ತೇನೆ. ರಾಜ್ಯದ ಪ್ರತಿಷ್ಠಿತ ಕ್ಲಬ್‌ಗಳೊಂದಿಗೆ ಸಂಪರ್ಕ ಬೆಳೆಸುತ್ತೇನೆ" ಎಂದರು.
Printed by , Published by, Owned by : NAGAPPA MANNAPURI, Printed and Published at mannapuri printers and Publishers, H.No.5#3#2# Ambedkar circle near Gundina Hanumappa Temple Oni Devadurga Tq Devadurga dist Raichur 584111 Editor. NAGAPPA MANNAPURI
